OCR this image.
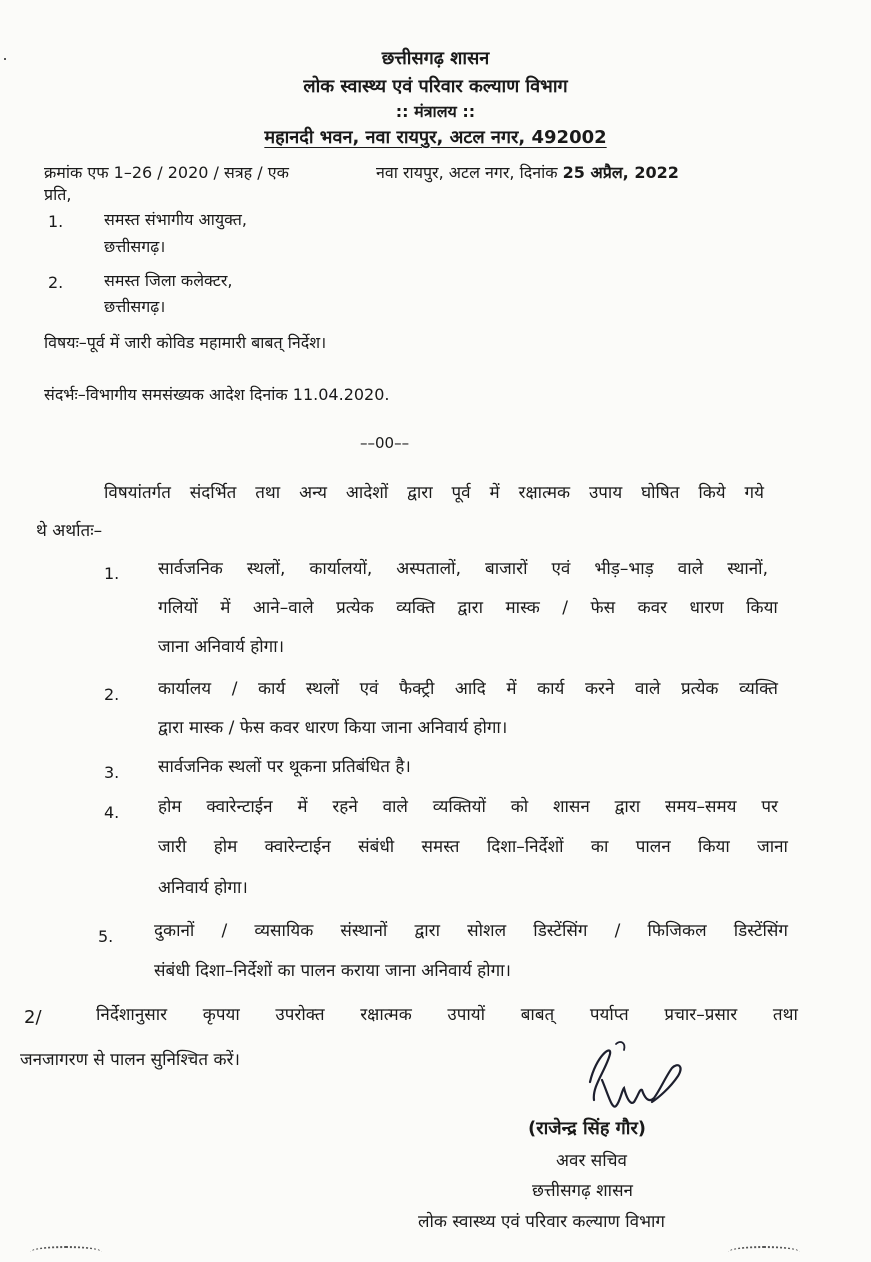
छत्तीसगढ़ शासन
लोक स्वास्थ्य एवं परिवार कल्याण विभाग
:: मंत्रालय ::
महानदी भवन, नवा रायपुर, अटल नगर, 492002
क्रमांक एफ 1–26 / 2020 / सत्रह / एक	नवा रायपुर, अटल नगर, दिनांक 25 अप्रैल, 2022
प्रति,
1.	समस्त संभागीय आयुक्त,
छत्तीसगढ़।
2.	समस्त जिला कलेक्टर,
छत्तीसगढ़।
विषयः–पूर्व में जारी कोविड महामारी बाबत् निर्देश।
संदर्भः–विभागीय समसंख्यक आदेश दिनांक 11.04.2020.
––00––
विषयांतर्गत संदर्भित तथा अन्य आदेशों द्वारा पूर्व में रक्षात्मक उपाय घोषित किये गये
थे अर्थातः–
1. सार्वजनिक स्थलों, कार्यालयों, अस्पतालों, बाजारों एवं भीड़–भाड़ वाले स्थानों,
गलियों में आने–वाले प्रत्येक व्यक्ति द्वारा मास्क / फेस कवर धारण किया
जाना अनिवार्य होगा।
2. कार्यालय / कार्य स्थलों एवं फैक्ट्री आदि में कार्य करने वाले प्रत्येक व्यक्ति
द्वारा मास्क / फेस कवर धारण किया जाना अनिवार्य होगा।
3. सार्वजनिक स्थलों पर थूकना प्रतिबंधित है।
4. होम क्वारेन्टाईन में रहने वाले व्यक्तियों को शासन द्वारा समय–समय पर
जारी होम क्वारेन्टाईन संबंधी समस्त दिशा–निर्देशों का पालन किया जाना
अनिवार्य होगा।
5. दुकानों / व्यसायिक संस्थानों द्वारा सोशल डिस्टेंसिंग / फिजिकल डिस्टेंसिंग
संबंधी दिशा–निर्देशों का पालन कराया जाना अनिवार्य होगा।
2/	निर्देशानुसार कृपया उपरोक्त रक्षात्मक उपायों बाबत् पर्याप्त प्रचार–प्रसार तथा
जनजागरण से पालन सुनिश्चित करें।
(राजेन्द्र सिंह गौर)
अवर सचिव
छत्तीसगढ़ शासन
लोक स्वास्थ्य एवं परिवार कल्याण विभाग
